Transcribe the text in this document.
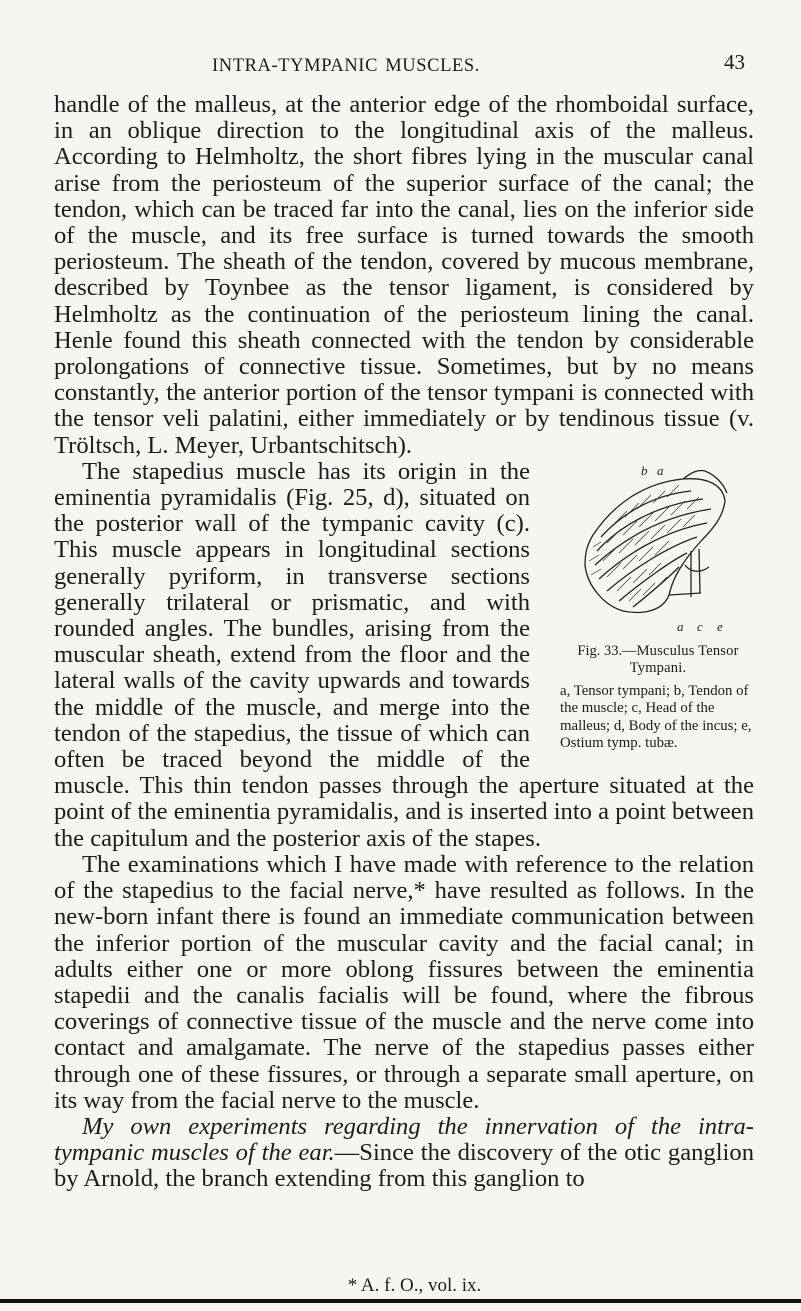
INTRA-TYMPANIC MUSCLES.	43

handle of the malleus, at the anterior edge of the rhomboidal surface, in an oblique direction to the longitudinal axis of the malleus. According to Helmholtz, the short fibres lying in the muscular canal arise from the periosteum of the superior surface of the canal; the tendon, which can be traced far into the canal, lies on the inferior side of the muscle, and its free surface is turned towards the smooth periosteum. The sheath of the tendon, covered by mucous membrane, described by Toynbee as the tensor ligament, is considered by Helmholtz as the continuation of the periosteum lining the canal. Henle found this sheath connected with the tendon by considerable prolongations of connective tissue. Sometimes, but by no means constantly, the anterior portion of the tensor tympani is connected with the tensor veli palatini, either immediately or by tendinous tissue (v. Tröltsch, L. Meyer, Urbantschitsch).

b a
a c e
Fig. 33.—Musculus Tensor Tympani.
a, Tensor tympani; b, Tendon of the muscle; c, Head of the malleus; d, Body of the incus; e, Ostium tymp. tubæ.

The stapedius muscle has its origin in the eminentia pyramidalis (Fig. 25, d), situated on the posterior wall of the tympanic cavity (c). This muscle appears in longitudinal sections generally pyriform, in transverse sections generally trilateral or prismatic, and with rounded angles. The bundles, arising from the muscular sheath, extend from the floor and the lateral walls of the cavity upwards and towards the middle of the muscle, and merge into the tendon of the stapedius, the tissue of which can often be traced beyond the middle of the muscle. This thin tendon passes through the aperture situated at the point of the eminentia pyramidalis, and is inserted into a point between the capitulum and the posterior axis of the stapes.

The examinations which I have made with reference to the relation of the stapedius to the facial nerve,* have resulted as follows. In the new-born infant there is found an immediate communication between the inferior portion of the muscular cavity and the facial canal; in adults either one or more oblong fissures between the eminentia stapedii and the canalis facialis will be found, where the fibrous coverings of connective tissue of the muscle and the nerve come into contact and amalgamate. The nerve of the stapedius passes either through one of these fissures, or through a separate small aperture, on its way from the facial nerve to the muscle.

My own experiments regarding the innervation of the intra-tympanic muscles of the ear.—Since the discovery of the otic ganglion by Arnold, the branch extending from this ganglion to

* A. f. O., vol. ix.
